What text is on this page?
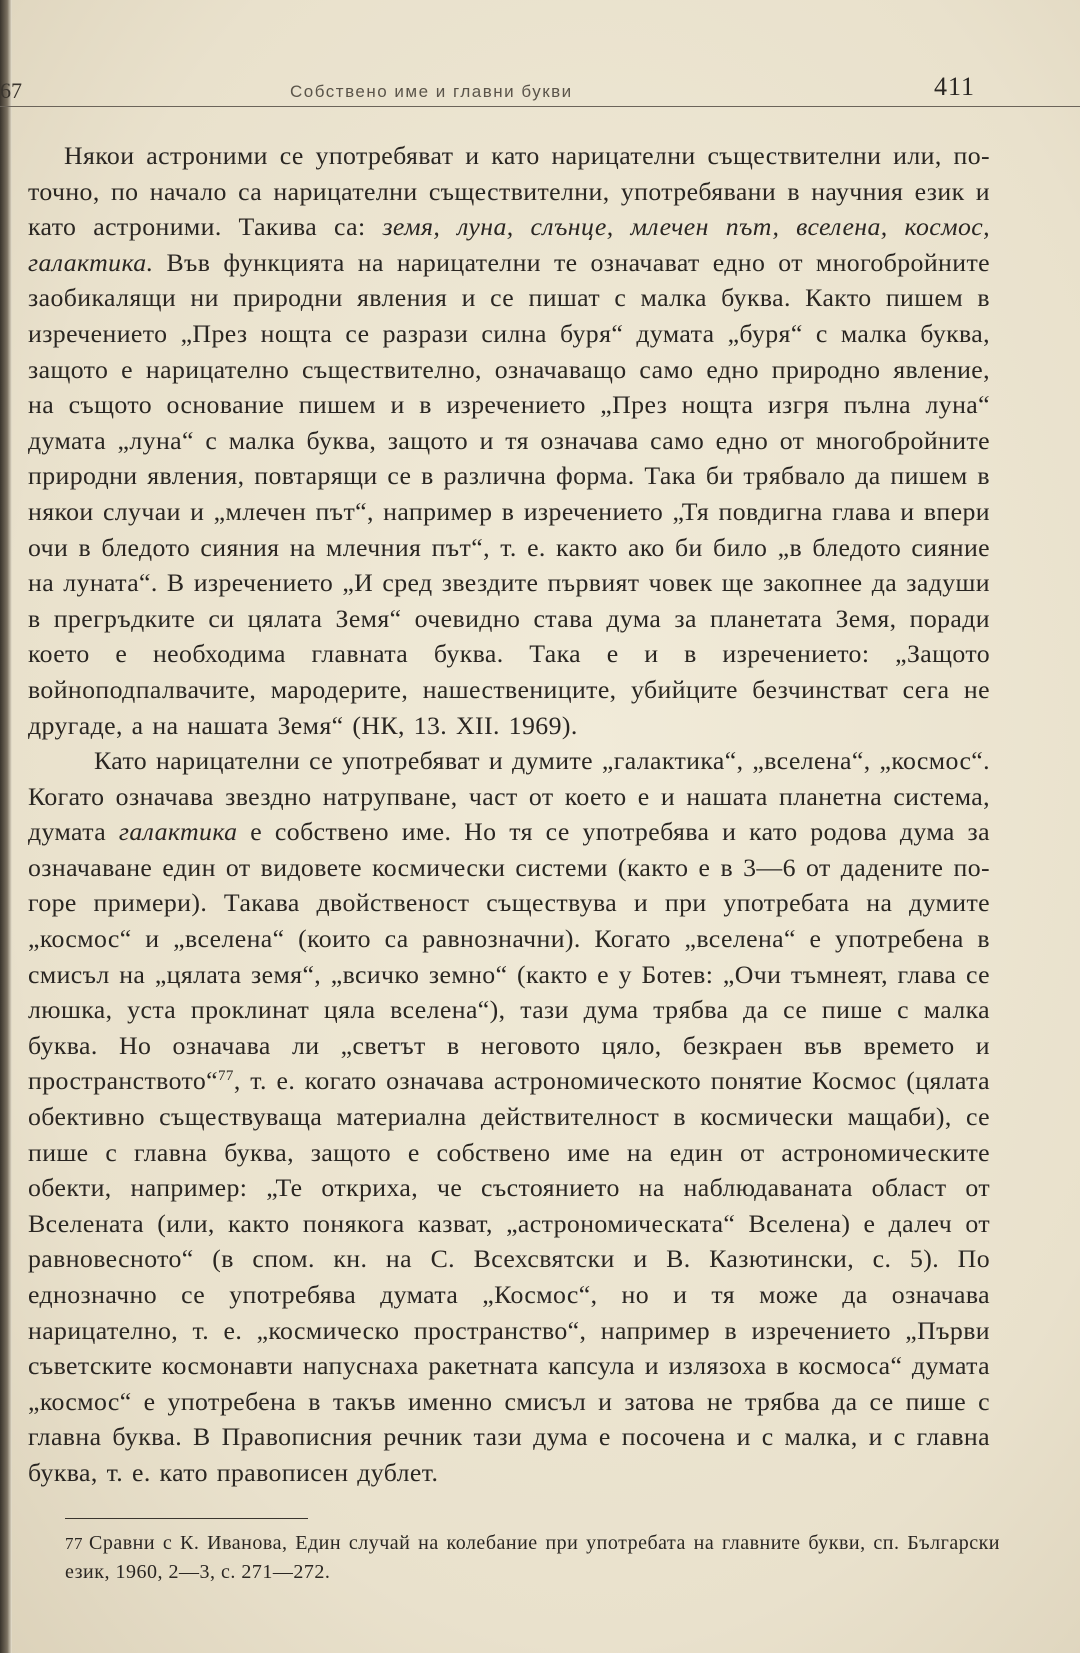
67	Собствено име и главни букви	411

Някои астроними се употребяват и като нарицателни съществителни или, по-точно, по начало са нарицателни съществителни, употребявани в научния език и като астроними. Такива са: земя, луна, слънце, млечен път, вселена, космос, галактика. Във функцията на нарицателни те означават едно от многобройните заобикалящи ни природни явления и се пишат с малка буква. Както пишем в изречението „През нощта се разрази силна буря“ думата „буря“ с малка буква, защото е нарицателно съществително, означаващо само едно природно явление, на същото основание пишем и в изречението „През нощта изгря пълна луна“ думата „луна“ с малка буква, защото и тя означава само едно от многобройните природни явления, повтарящи се в различна форма. Така би трябвало да пишем в някои случаи и „млечен път“, например в изречението „Тя повдигна глава и впери очи в бледото сияния на млечния път“, т. е. както ако би било „в бледото сияние на луната“. В изречението „И сред звездите първият човек ще закопнее да задуши в прегръдките си цялата Земя“ очевидно става дума за планетата Земя, поради което е необходима главната буква. Така е и в изречението: „Защото войноподпалвачите, мародерите, нашествениците, убийците безчинстват сега не другаде, а на нашата Земя“ (НК, 13. XII. 1969).

Като нарицателни се употребяват и думите „галактика“, „вселена“, „космос“. Когато означава звездно натрупване, част от което е и нашата планетна система, думата галактика е собствено име. Но тя се употребява и като родова дума за означаване един от видовете космически системи (както е в 3—6 от дадените по-горе примери). Такава двойственост съществува и при употребата на думите „космос“ и „вселена“ (които са равнозначни). Когато „вселена“ е употребена в смисъл на „цялата земя“, „всичко земно“ (както е у Ботев: „Очи тъмнеят, глава се люшка, уста проклинат цяла вселена“), тази дума трябва да се пише с малка буква. Но означава ли „светът в неговото цяло, безкраен във времето и пространството“$^{77}$, т. е. когато означава астрономическото понятие Космос (цялата обективно съществуваща материална действителност в космически мащаби), се пише с главна буква, защото е собствено име на един от астрономическите обекти, например: „Те откриха, че състоянието на наблюдаваната област от Вселената (или, както понякога казват, „астрономическата“ Вселена) е далеч от равновесното“ (в спом. кн. на С. Всехсвятски и В. Казютински, с. 5). По еднозначно се употребява думата „Космос“, но и тя може да означава нарицателно, т. е. „космическо пространство“, например в изречението „Първи съветските космонавти напуснаха ракетната капсула и излязоха в космоса“ думата „космос“ е употребена в такъв именно смисъл и затова не трябва да се пише с главна буква. В Правописния речник тази дума е посочена и с малка, и с главна буква, т. е. като правописен дублет.

77 Сравни с К. Иванова, Един случай на колебание при употребата на главните букви, сп. Български език, 1960, 2—3, с. 271—272.
